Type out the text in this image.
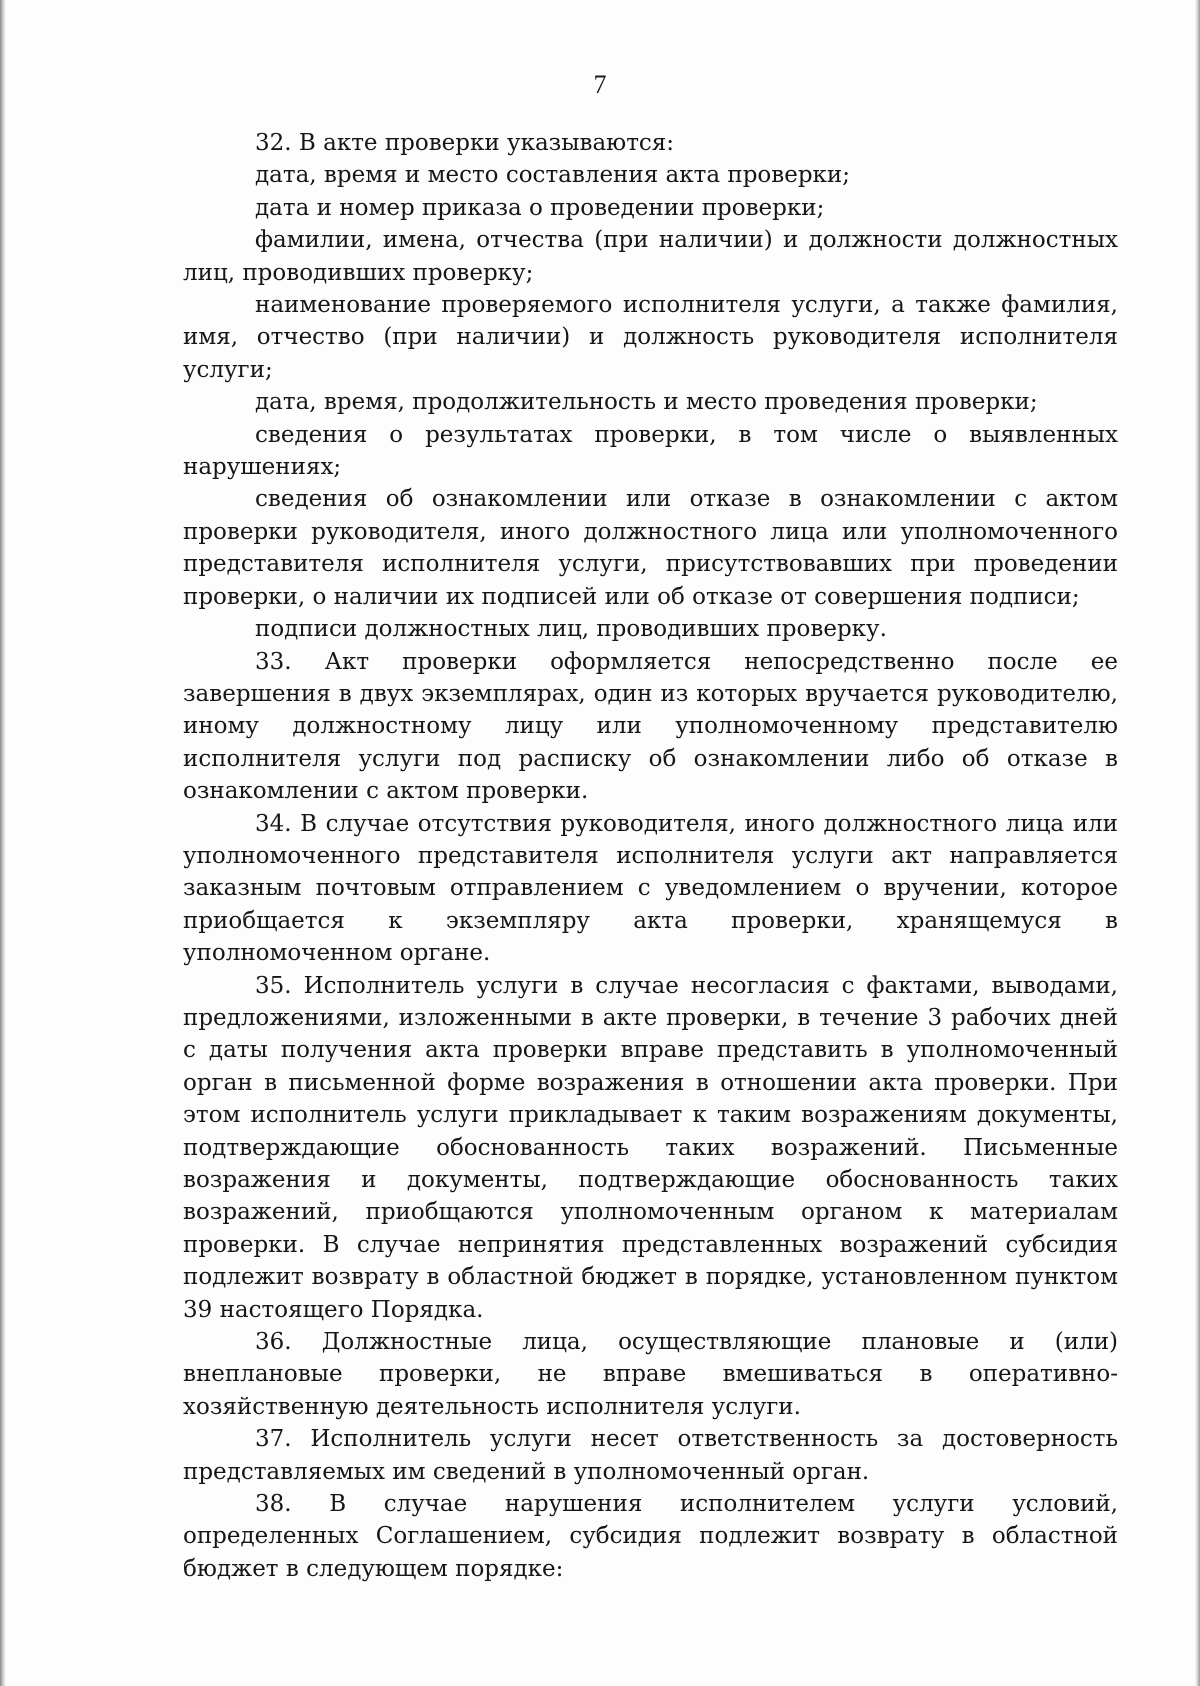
7

32. В акте проверки указываются:

дата, время и место составления акта проверки;

дата и номер приказа о проведении проверки;

фамилии, имена, отчества (при наличии) и должности должностных лиц, проводивших проверку;

наименование проверяемого исполнителя услуги, а также фамилия, имя, отчество (при наличии) и должность руководителя исполнителя услуги;

дата, время, продолжительность и место проведения проверки;

сведения о результатах проверки, в том числе о выявленных нарушениях;

сведения об ознакомлении или отказе в ознакомлении с актом проверки руководителя, иного должностного лица или уполномоченного представителя исполнителя услуги, присутствовавших при проведении проверки, о наличии их подписей или об отказе от совершения подписи;

подписи должностных лиц, проводивших проверку.

33. Акт проверки оформляется непосредственно после ее завершения в двух экземплярах, один из которых вручается руководителю, иному должностному лицу или уполномоченному представителю исполнителя услуги под расписку об ознакомлении либо об отказе в ознакомлении с актом проверки.

34. В случае отсутствия руководителя, иного должностного лица или уполномоченного представителя исполнителя услуги акт направляется заказным почтовым отправлением с уведомлением о вручении, которое приобщается к экземпляру акта проверки, хранящемуся в уполномоченном органе.

35. Исполнитель услуги в случае несогласия с фактами, выводами, предложениями, изложенными в акте проверки, в течение 3 рабочих дней с даты получения акта проверки вправе представить в уполномоченный орган в письменной форме возражения в отношении акта проверки. При этом исполнитель услуги прикладывает к таким возражениям документы, подтверждающие обоснованность таких возражений. Письменные возражения и документы, подтверждающие обоснованность таких возражений, приобщаются уполномоченным органом к материалам проверки. В случае непринятия представленных возражений субсидия подлежит возврату в областной бюджет в порядке, установленном пунктом 39 настоящего Порядка.

36. Должностные лица, осуществляющие плановые и (или) внеплановые проверки, не вправе вмешиваться в оперативно-хозяйственную деятельность исполнителя услуги.

37. Исполнитель услуги несет ответственность за достоверность представляемых им сведений в уполномоченный орган.

38. В случае нарушения исполнителем услуги условий, определенных Соглашением, субсидия подлежит возврату в областной бюджет в следующем порядке:
